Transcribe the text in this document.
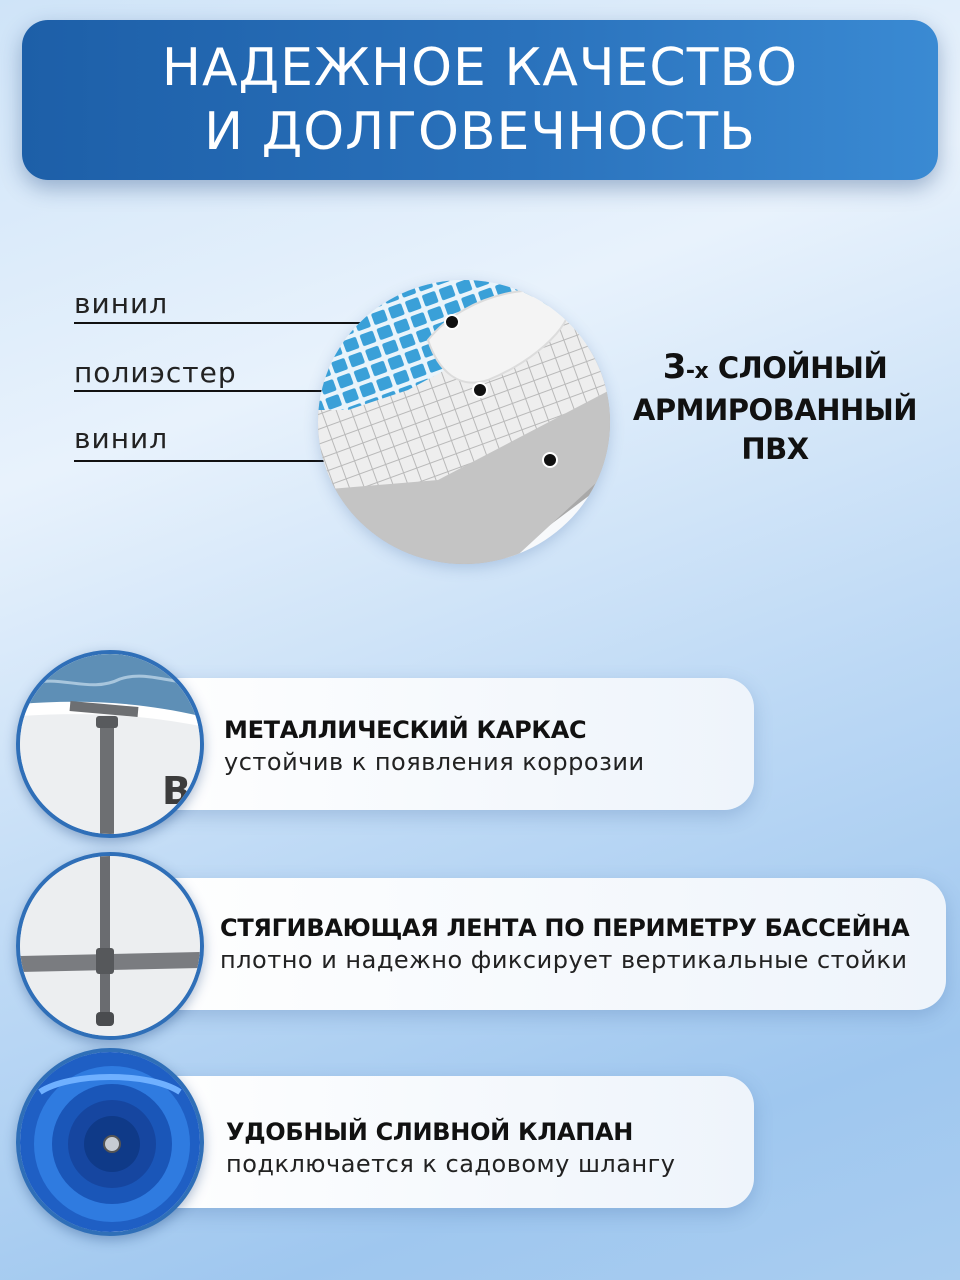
НАДЕЖНОЕ КАЧЕСТВО
И ДОЛГОВЕЧНОСТЬ
винил
полиэстер
винил
3-х СЛОЙНЫЙ
АРМИРОВАННЫЙ
ПВХ
МЕТАЛЛИЧЕСКИЙ КАРКАС
устойчив к появления коррозии
B
СТЯГИВАЮЩАЯ ЛЕНТА ПО ПЕРИМЕТРУ БАССЕЙНА
плотно и надежно фиксирует вертикальные стойки
УДОБНЫЙ СЛИВНОЙ КЛАПАН
подключается к садовому шлангу
